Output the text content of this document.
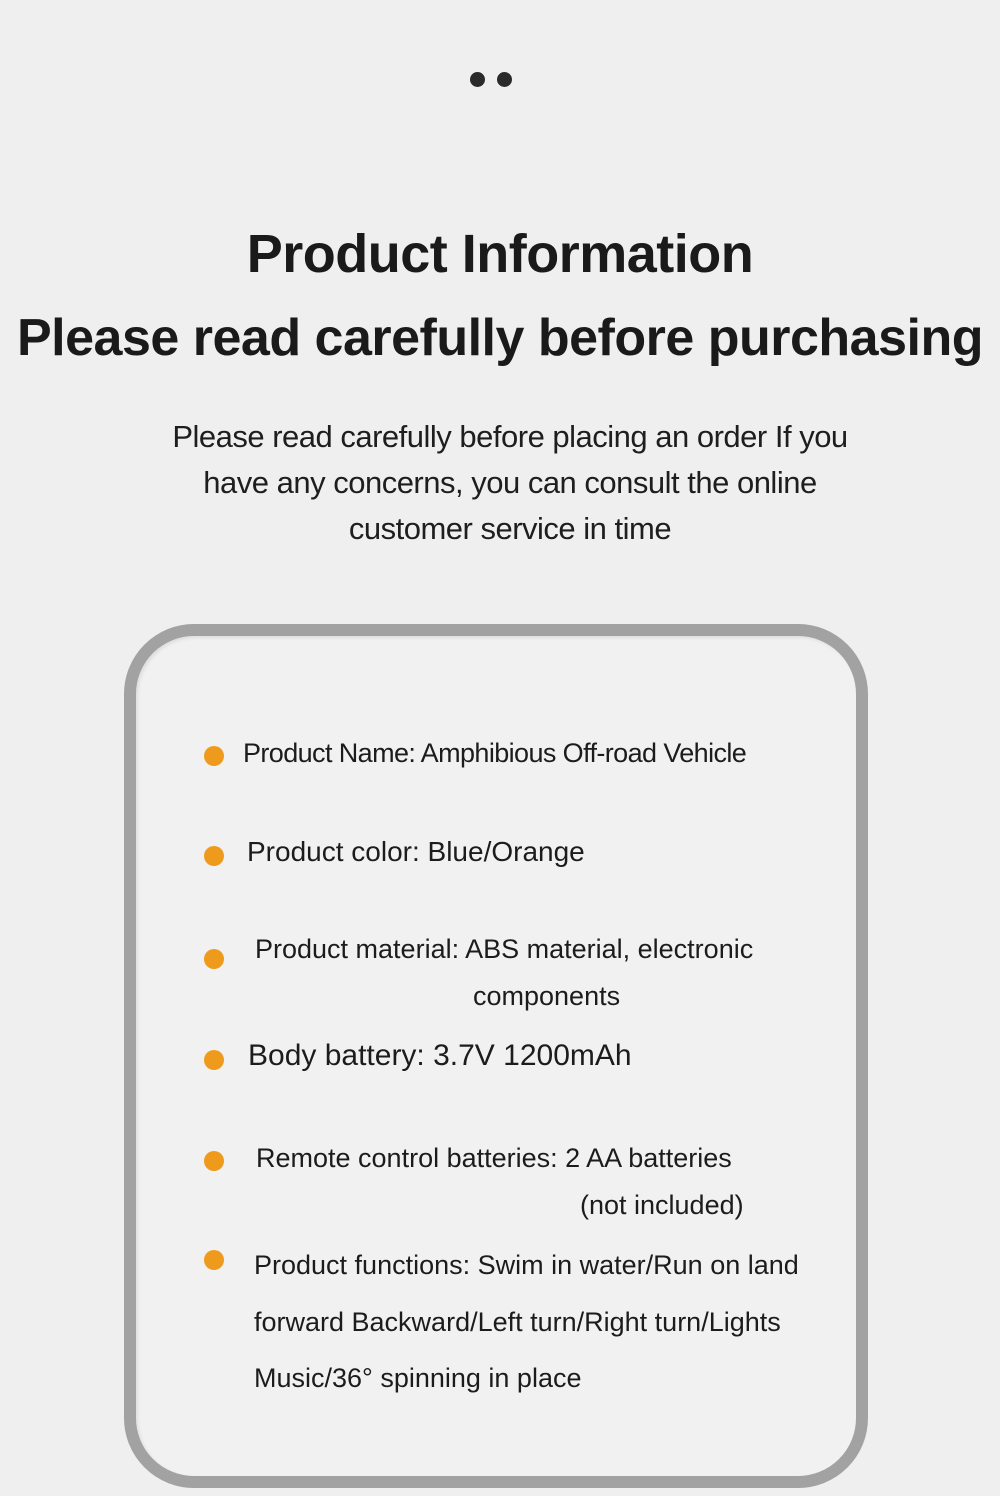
Product Information
Please read carefully before purchasing
Please read carefully before placing an order If you
have any concerns, you can consult the online
customer service in time

Product Name: Amphibious Off-road Vehicle

Product color: Blue/Orange

Product material: ABS material, electronic

components

Body battery: 3.7V 1200mAh

Remote control batteries: 2 AA batteries

(not included)

Product functions: Swim in water/Run on land

forward Backward/Left turn/Right turn/Lights

Music/36° spinning in place
